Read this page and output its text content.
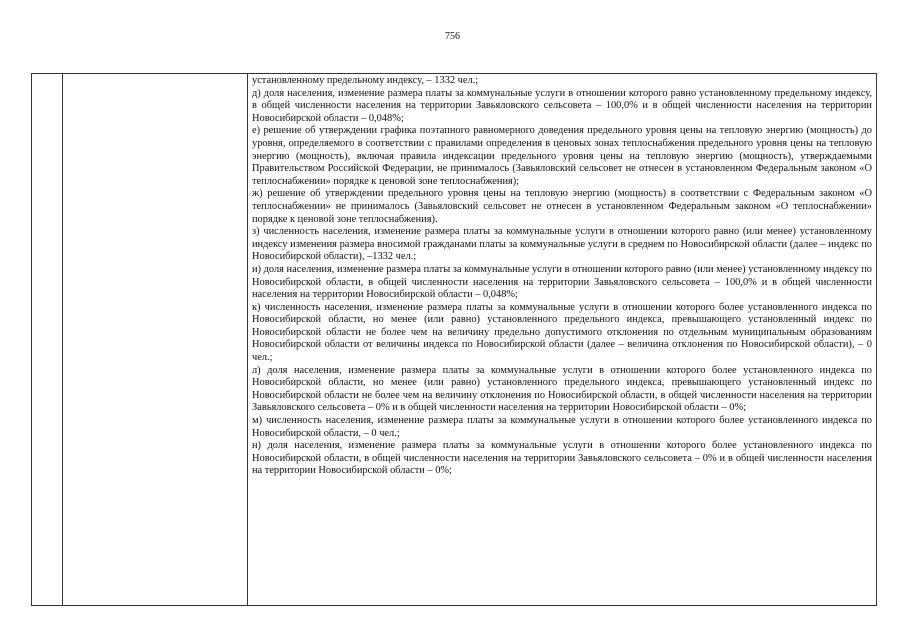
756

установленному предельному индексу, – 1332 чел.;

д) доля населения, изменение размера платы за коммунальные услуги в отношении которого равно установленному предельному индексу, в общей численности населения на территории Завьяловского сельсовета – 100,0% и в общей численности населения на территории Новосибирской области – 0,048%;

е) решение об утверждении графика поэтапного равномерного доведения предельного уровня цены на тепловую энергию (мощность) до уровня, определяемого в соответствии с правилами определения в ценовых зонах теплоснабжения предельного уровня цены на тепловую энергию (мощность), включая правила индексации предельного уровня цены на тепловую энергию (мощность), утверждаемыми Правительством Российской Федерации, не принималось (Завьяловский сельсовет не отнесен в установленном Федеральным законом «О теплоснабжении» порядке к ценовой зоне теплоснабжения);

ж) решение об утверждении предельного уровня цены на тепловую энергию (мощность) в соответствии с Федеральным законом «О теплоснабжении» не принималось (Завьяловский сельсовет не отнесен в установленном Федеральным законом «О теплоснабжении» порядке к ценовой зоне теплоснабжения).

з) численность населения, изменение размера платы за коммунальные услуги в отношении которого равно (или менее) установленному индексу изменения размера вносимой гражданами платы за коммунальные услуги в среднем по Новосибирской области (далее – индекс по Новосибирской области), –1332 чел.;

и) доля населения, изменение размера платы за коммунальные услуги в отношении которого равно (или менее) установленному индексу по Новосибирской области, в общей численности населения на территории Завьяловского сельсовета – 100,0% и в общей численности населения на территории Новосибирской области – 0,048%;

к) численность населения, изменение размера платы за коммунальные услуги в отношении которого более установленного индекса по Новосибирской области, но менее (или равно) установленного предельного индекса, превышающего установленный индекс по Новосибирской области не более чем на величину предельно допустимого отклонения по отдельным муниципальным образованиям Новосибирской области от величины индекса по Новосибирской области (далее – величина отклонения по Новосибирской области), – 0 чел.;

л) доля населения, изменение размера платы за коммунальные услуги в отношении которого более установленного индекса по Новосибирской области, но менее (или равно) установленного предельного индекса, превышающего установленный индекс по Новосибирской области не более чем на величину отклонения по Новосибирской области, в общей численности населения на территории Завьяловского сельсовета – 0% и в общей численности населения на территории Новосибирской области – 0%;

м) численность населения, изменение размера платы за коммунальные услуги в отношении которого более установленного индекса по Новосибирской области, – 0 чел.;

н) доля населения, изменение размера платы за коммунальные услуги в отношении которого более установленного индекса по Новосибирской области, в общей численности населения на территории Завьяловского сельсовета – 0% и в общей численности населения на территории Новосибирской области – 0%;
